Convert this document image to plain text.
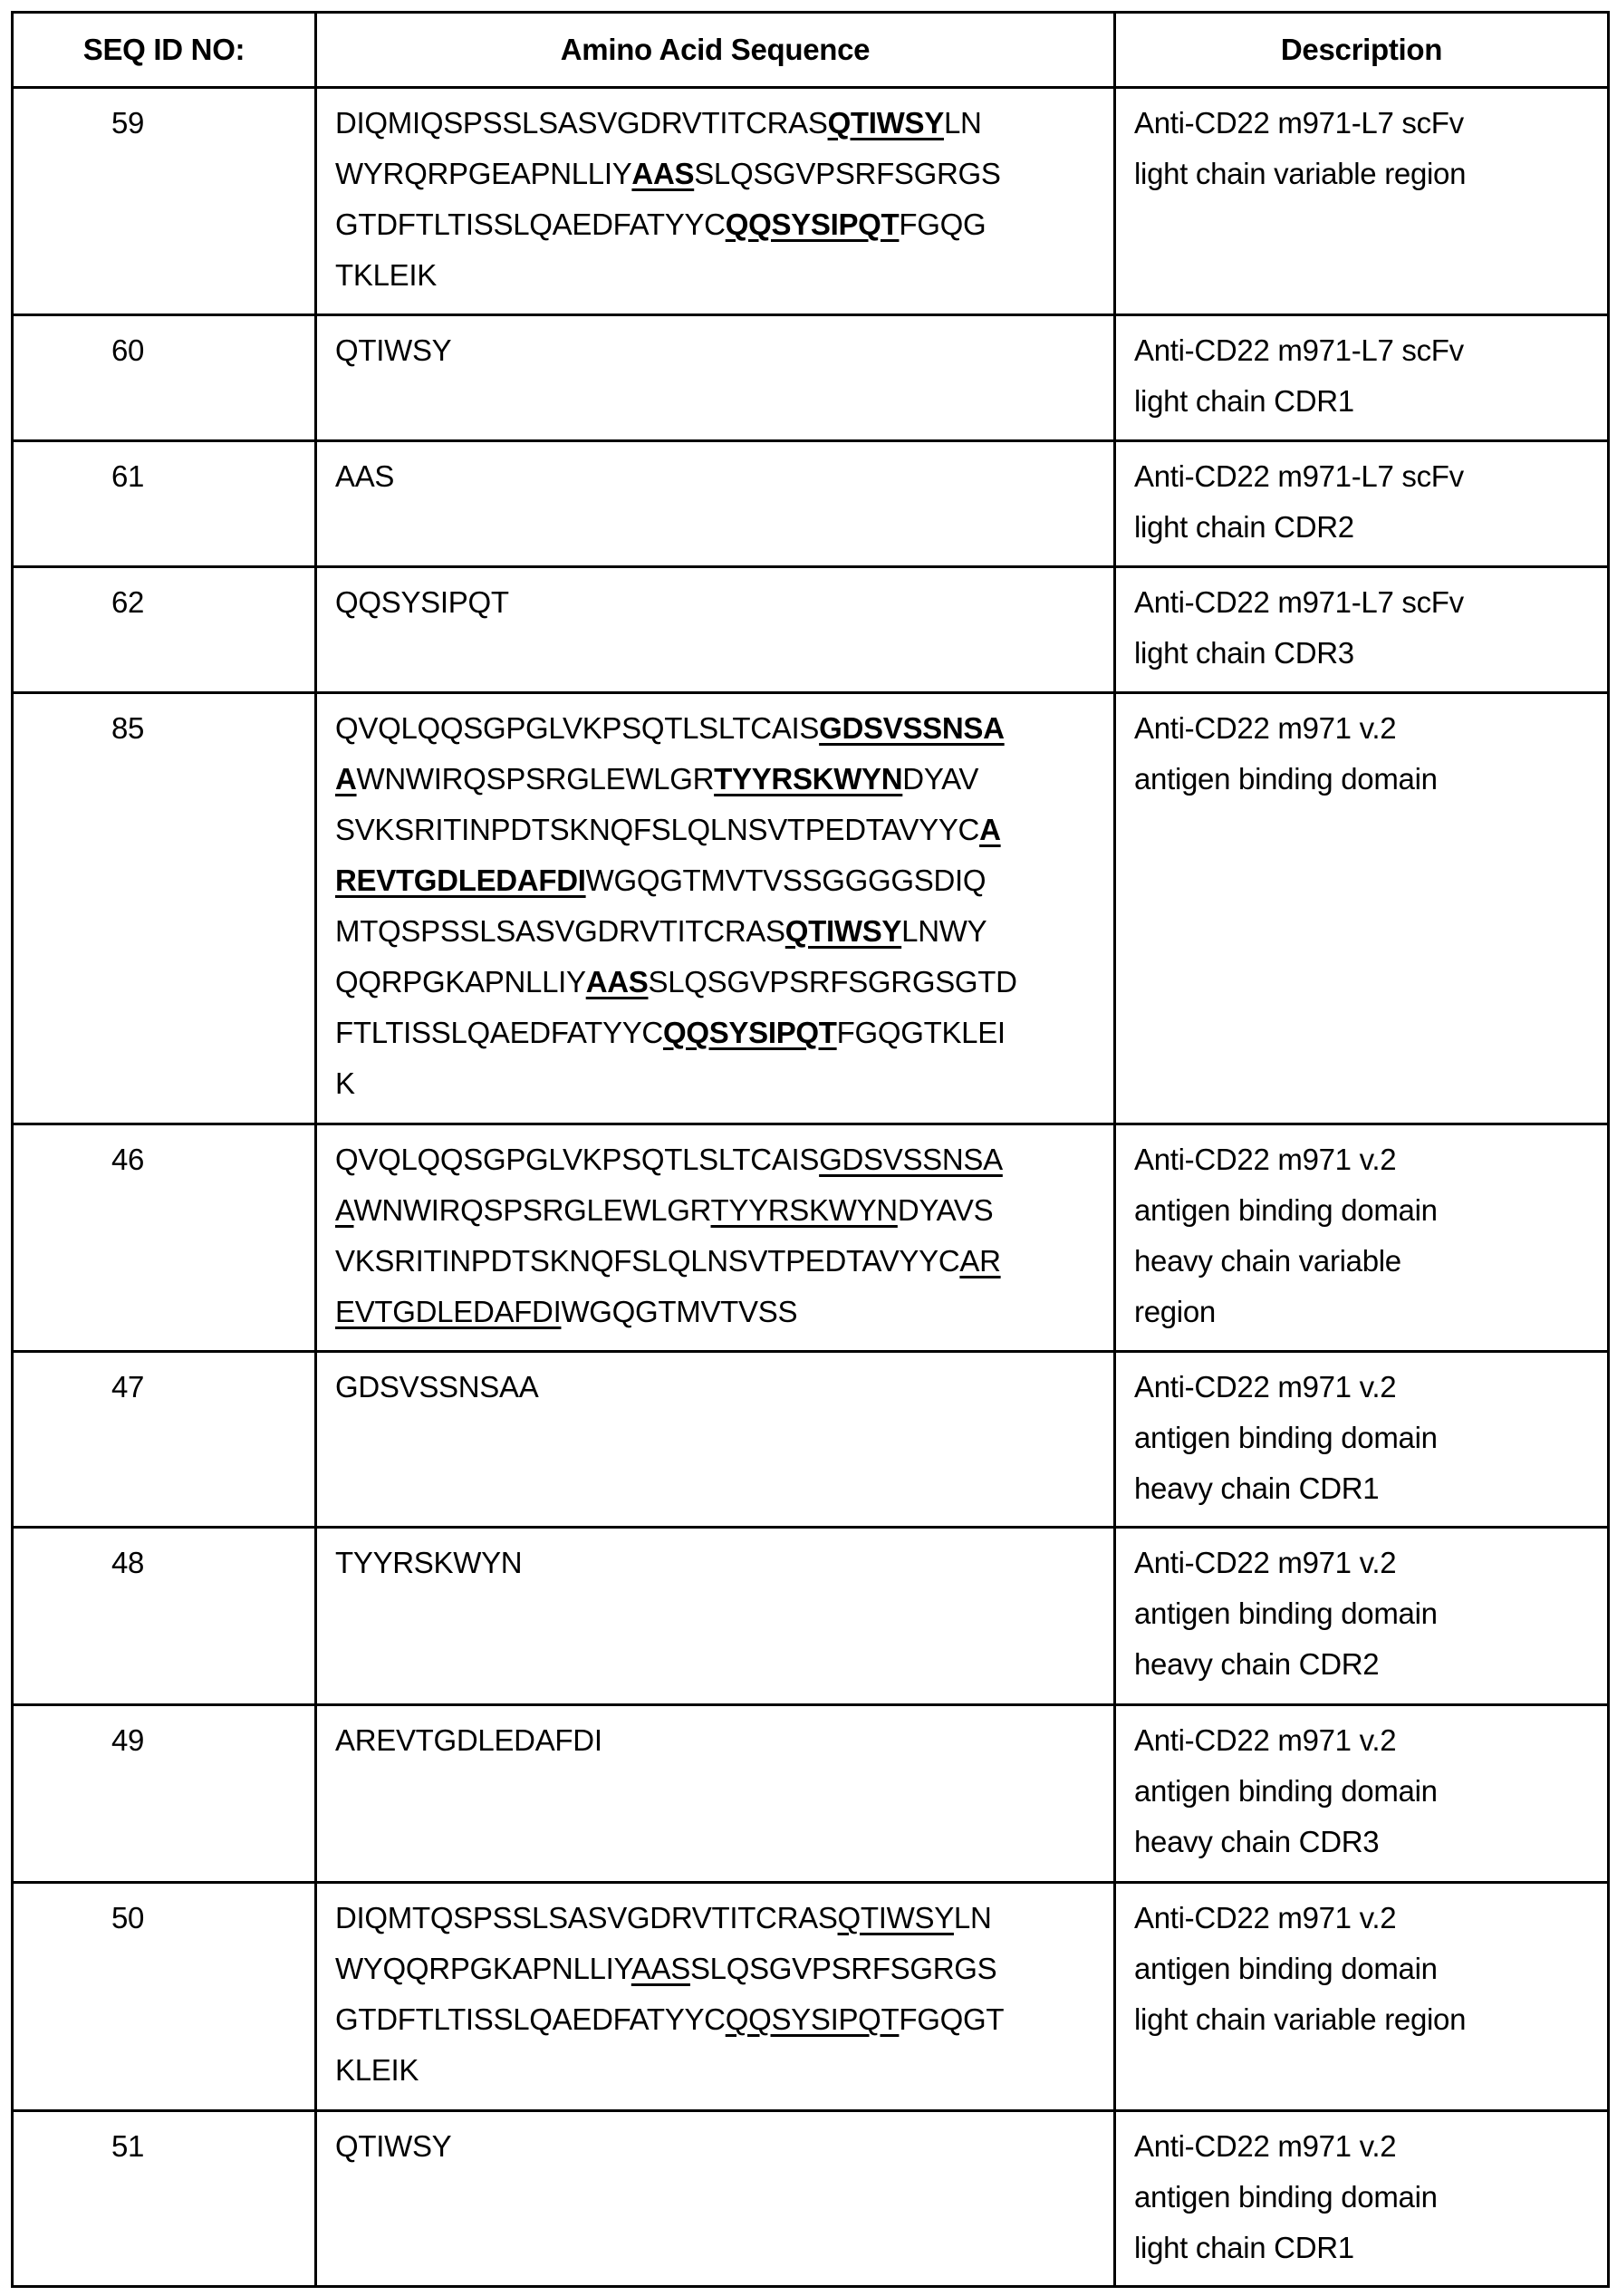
SEQ ID NO:	Amino Acid Sequence	Description
59	DIQMIQSPSSLSASVGDRVTITCRASQTIWSYLN
WYRQRPGEAPNLLIYAASSLQSGVPSRFSGRGS
GTDFTLTISSLQAEDFATYYCQQSYSIPQTFGQG
TKLEIK

Anti-CD22 m971-L7 scFv
light chain variable region

60	QTIWSY	Anti-CD22 m971-L7 scFv
light chain CDR1

61	AAS	Anti-CD22 m971-L7 scFv
light chain CDR2

62	QQSYSIPQT	Anti-CD22 m971-L7 scFv
light chain CDR3

85	QVQLQQSGPGLVKPSQTLSLTCAISGDSVSSNSA
AWNWIRQSPSRGLEWLGRTYYRSKWYNDYAV
SVKSRITINPDTSKNQFSLQLNSVTPEDTAVYYCA
REVTGDLEDAFDIWGQGTMVTVSSGGGGSDIQ
MTQSPSSLSASVGDRVTITCRASQTIWSYLNWY
QQRPGKAPNLLIYAASSLQSGVPSRFSGRGSGTD
FTLTISSLQAEDFATYYCQQSYSIPQTFGQGTKLEI
K

Anti-CD22 m971 v.2
antigen binding domain

46	QVQLQQSGPGLVKPSQTLSLTCAISGDSVSSNSA
AWNWIRQSPSRGLEWLGRTYYRSKWYNDYAVS
VKSRITINPDTSKNQFSLQLNSVTPEDTAVYYCAR
EVTGDLEDAFDIWGQGTMVTVSS

Anti-CD22 m971 v.2
antigen binding domain
heavy chain variable
region

47	GDSVSSNSAA	Anti-CD22 m971 v.2
antigen binding domain
heavy chain CDR1

48	TYYRSKWYN	Anti-CD22 m971 v.2
antigen binding domain
heavy chain CDR2

49	AREVTGDLEDAFDI	Anti-CD22 m971 v.2
antigen binding domain
heavy chain CDR3

50	DIQMTQSPSSLSASVGDRVTITCRASQTIWSYLN
WYQQRPGKAPNLLIYAASSLQSGVPSRFSGRGS
GTDFTLTISSLQAEDFATYYCQQSYSIPQTFGQGT
KLEIK

Anti-CD22 m971 v.2
antigen binding domain
light chain variable region

51	QTIWSY	Anti-CD22 m971 v.2
antigen binding domain
light chain CDR1
